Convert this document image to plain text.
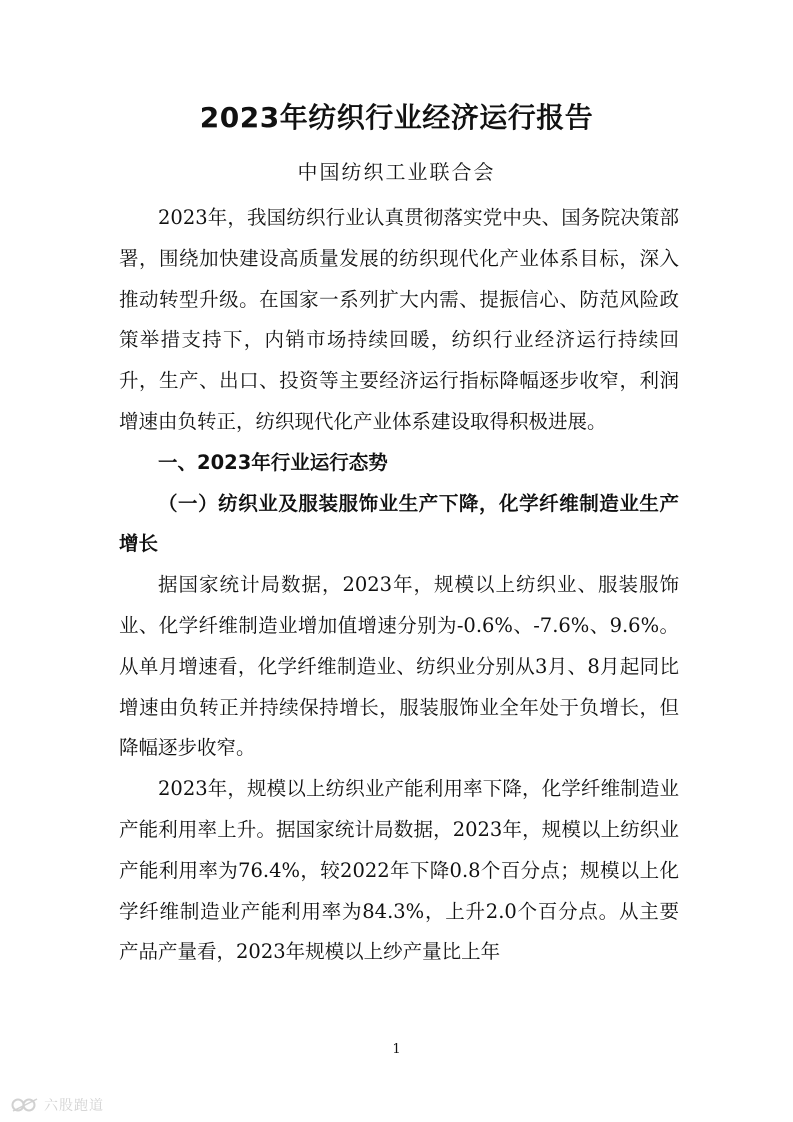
2023年纺织行业经济运行报告
中国纺织工业联合会

2023年，我国纺织行业认真贯彻落实党中央、国务院决策部署，围绕加快建设高质量发展的纺织现代化产业体系目标，深入推动转型升级。在国家一系列扩大内需、提振信心、防范风险政策举措支持下，内销市场持续回暖，纺织行业经济运行持续回升，生产、出口、投资等主要经济运行指标降幅逐步收窄，利润增速由负转正，纺织现代化产业体系建设取得积极进展。

一、2023年行业运行态势

（一）纺织业及服装服饰业生产下降，化学纤维制造业生产增长

据国家统计局数据，2023年，规模以上纺织业、服装服饰业、化学纤维制造业增加值增速分别为-0.6%、-7.6%、9.6%。从单月增速看，化学纤维制造业、纺织业分别从3月、8月起同比增速由负转正并持续保持增长，服装服饰业全年处于负增长，但降幅逐步收窄。

2023年，规模以上纺织业产能利用率下降，化学纤维制造业产能利用率上升。据国家统计局数据，2023年，规模以上纺织业产能利用率为76.4%，较2022年下降0.8个百分点；规模以上化学纤维制造业产能利用率为84.3%，上升2.0个百分点。从主要产品产量看，2023年规模以上纱产量比上年

1
六股跑道
